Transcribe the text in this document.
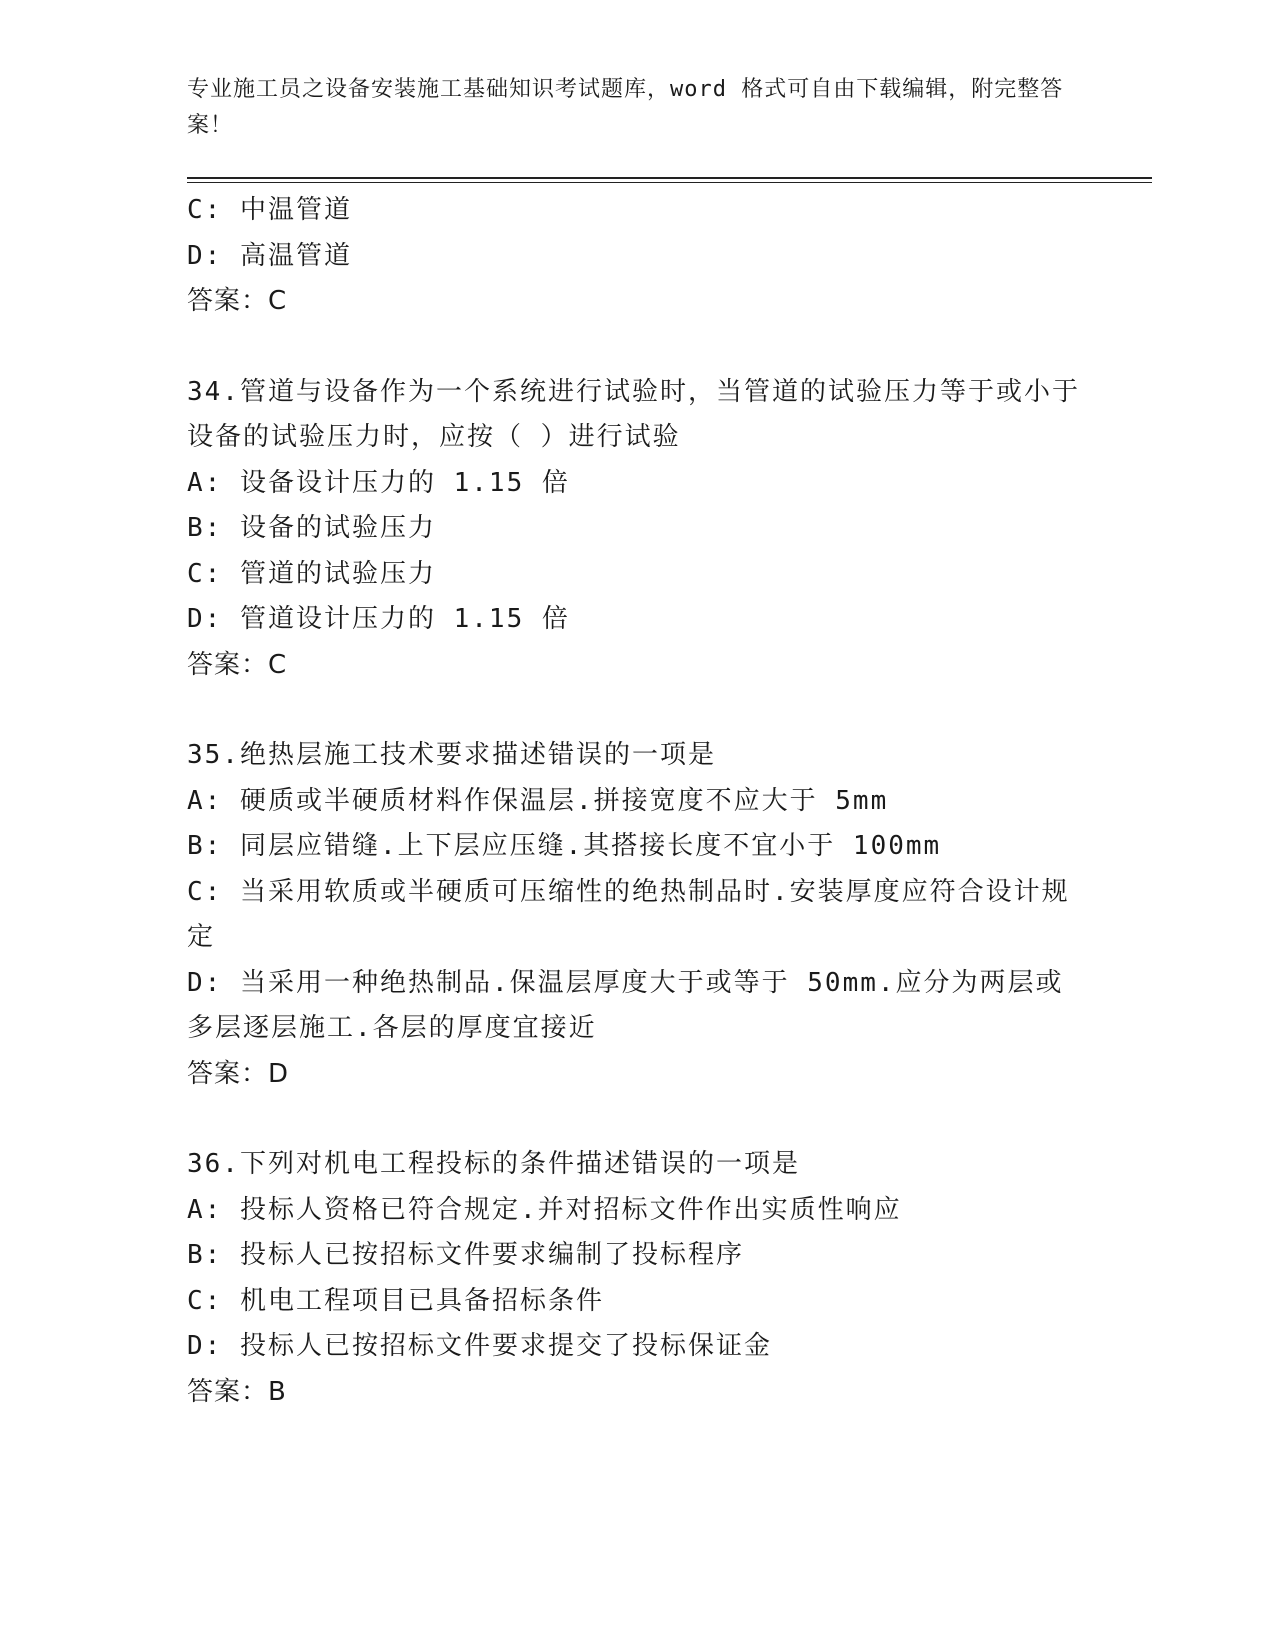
专业施工员之设备安装施工基础知识考试题库，word 格式可自由下载编辑，附完整答案！
C: 中温管道
D: 高温管道
答案：C
34.管道与设备作为一个系统进行试验时，当管道的试验压力等于或小于设备的试验压力时，应按（ ）进行试验
A: 设备设计压力的 1.15 倍
B: 设备的试验压力
C: 管道的试验压力
D: 管道设计压力的 1.15 倍
答案：C
35.绝热层施工技术要求描述错误的一项是
A: 硬质或半硬质材料作保温层.拼接宽度不应大于 5mm
B: 同层应错缝.上下层应压缝.其搭接长度不宜小于 100mm
C: 当采用软质或半硬质可压缩性的绝热制品时.安装厚度应符合设计规定
D: 当采用一种绝热制品.保温层厚度大于或等于 50mm.应分为两层或多层逐层施工.各层的厚度宜接近
答案：D
36.下列对机电工程投标的条件描述错误的一项是
A: 投标人资格已符合规定.并对招标文件作出实质性响应
B: 投标人已按招标文件要求编制了投标程序
C: 机电工程项目已具备招标条件
D: 投标人已按招标文件要求提交了投标保证金
答案：B
